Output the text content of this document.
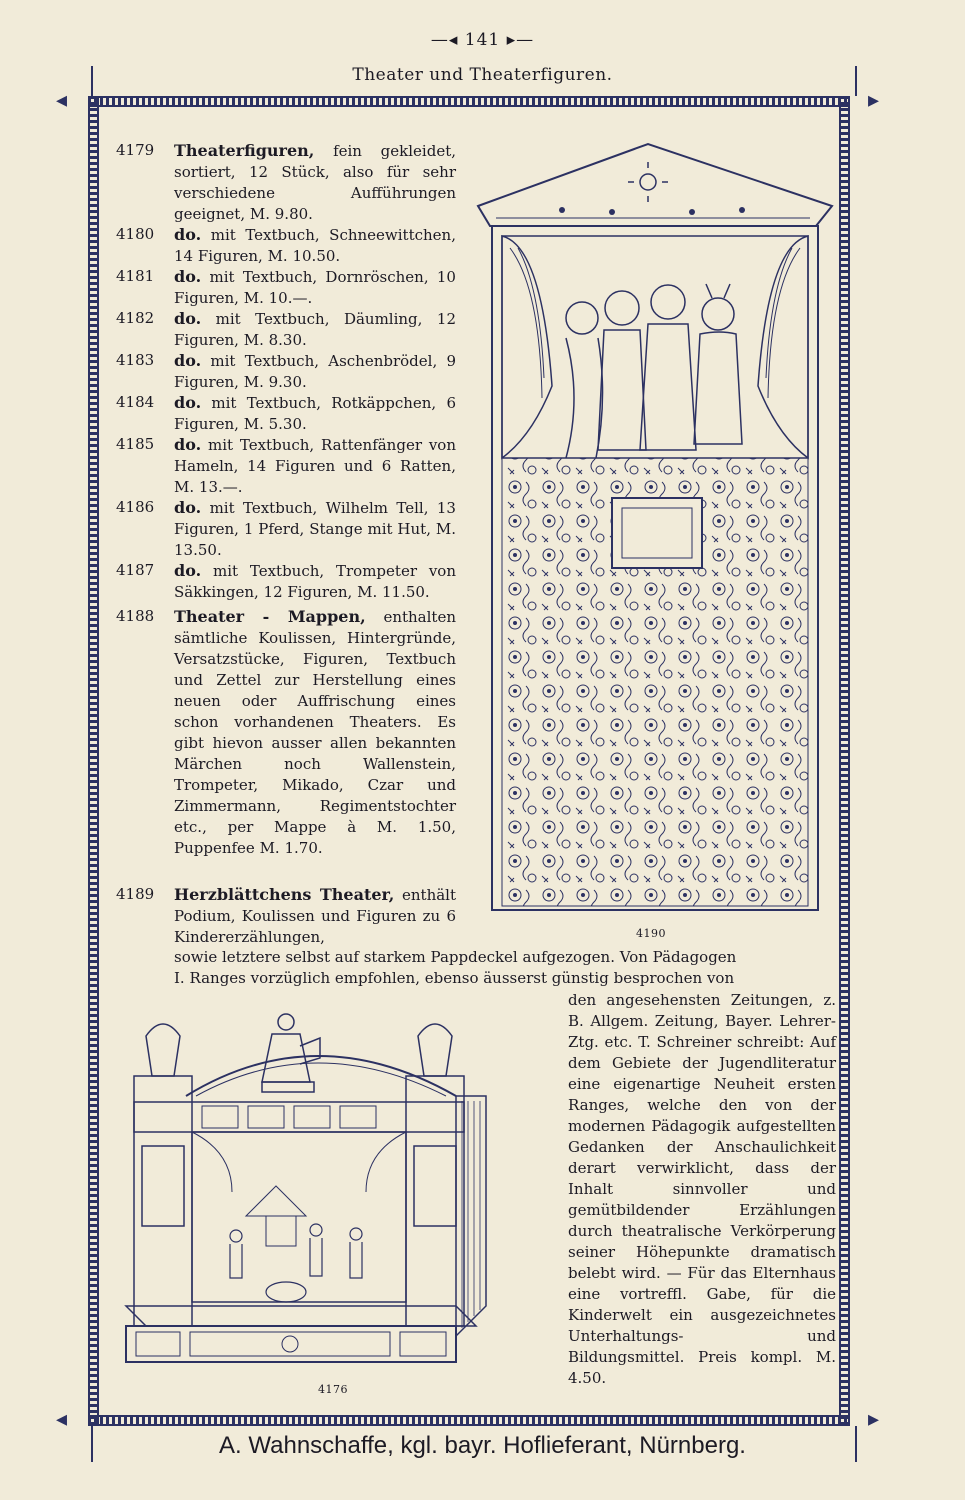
—◂ 141 ▸—
Theater und Theaterfiguren.
◂	▸
◂	▸
4179	Theaterfiguren, fein gekleidet, sortiert, 12 Stück, also für sehr verschiedene Aufführungen geeignet, M. 9.80.
4180	do. mit Textbuch, Schneewittchen, 14 Figuren, M. 10.50.
4181	do. mit Textbuch, Dornröschen, 10 Figuren, M. 10.—.
4182	do. mit Textbuch, Däumling, 12 Figuren, M. 8.30.
4183	do. mit Textbuch, Aschenbrödel, 9 Figuren, M. 9.30.
4184	do. mit Textbuch, Rotkäppchen, 6 Figuren, M. 5.30.
4185	do. mit Textbuch, Rattenfänger von Hameln, 14 Figuren und 6 Ratten, M. 13.—.
4186	do. mit Textbuch, Wilhelm Tell, 13 Figuren, 1 Pferd, Stange mit Hut, M. 13.50.
4187	do. mit Textbuch, Trompeter von Säkkingen, 12 Figuren, M. 11.50.
4188	Theater - Mappen, enthalten sämtliche Koulissen, Hintergründe, Versatzstücke, Figuren, Textbuch und Zettel zur Herstellung eines neuen oder Auffrischung eines schon vorhandenen Theaters. Es gibt hievon ausser allen bekannten Märchen noch Wallenstein, Trompeter, Mikado, Czar und Zimmermann, Regimentstochter etc., per Mappe à M. 1.50, Puppenfee M. 1.70.
4189	Herzblättchens Theater, enthält Podium, Koulissen und Figuren zu 6 Kindererzählungen,
sowie letztere selbst auf starkem Pappdeckel aufgezogen. Von Pädagogen
I. Ranges vorzüglich empfohlen, ebenso äusserst günstig besprochen von
den angesehensten Zeitungen, z. B. Allgem. Zeitung, Bayer. Lehrer-Ztg. etc. T. Schreiner schreibt: Auf dem Gebiete der Jugendliteratur eine eigenartige Neuheit ersten Ranges, welche den von der modernen Pädagogik aufgestellten Gedanken der Anschaulichkeit derart verwirklicht, dass der Inhalt sinnvoller und gemütbildender Erzählungen durch theatralische Verkörperung seiner Höhepunkte dramatisch belebt wird. — Für das Elternhaus eine vortreffl. Gabe, für die Kinderwelt ein ausgezeichnetes Unterhaltungs- und Bildungsmittel. Preis kompl. M. 4.50.
4190
4176
A. Wahnschaffe, kgl. bayr. Hoflieferant, Nürnberg.
